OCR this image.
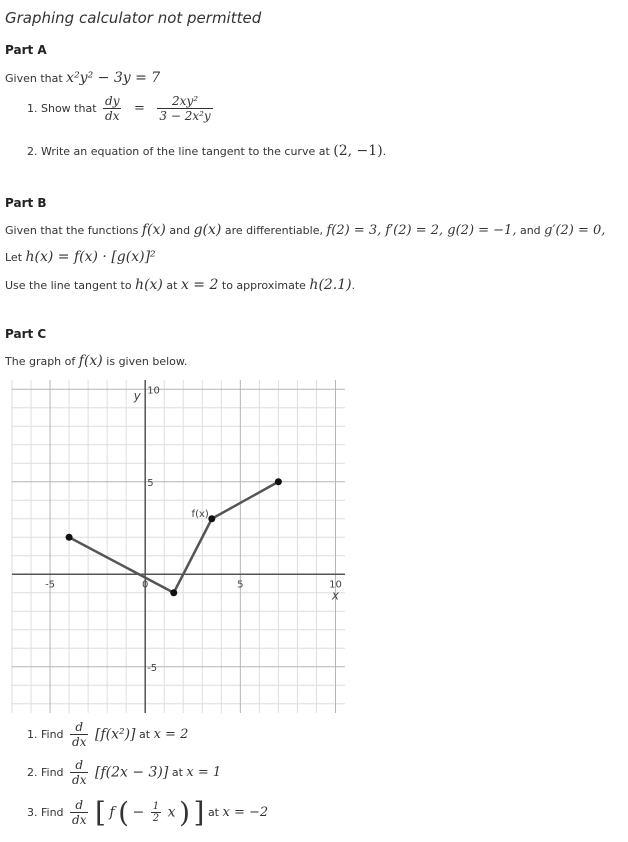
Graphing calculator not permitted
Part A
Given that x²y² − 3y = 7
1. Show that $\frac{dy}{dx} = \frac{\text{2xy²}}{\text{3 − 2x²y}}$
2. Write an equation of the line tangent to the curve at (2, −1).
Part B
Given that the functions f(x) and g(x) are differentiable, f(2) = 3, f′(2) = 2, g(2) = −1, and g′(2) = 0,
Let h(x) = f(x) · [g(x)]²
Use the line tangent to h(x) at x = 2 to approximate h(2.1).
Part C
The graph of f(x) is given below.
-5	0	5	10
-5
5
10
x
y
f(x)
1. Find $\frac{d}{dx} [f(x^2)]$ at x = 2
2. Find $\frac{d}{dx} [f(2x - 3)]$ at x = 1
3. Find $\frac{d}{dx}$ [ f ( − $\frac{1}{2}$ x ) ] at x = −2
